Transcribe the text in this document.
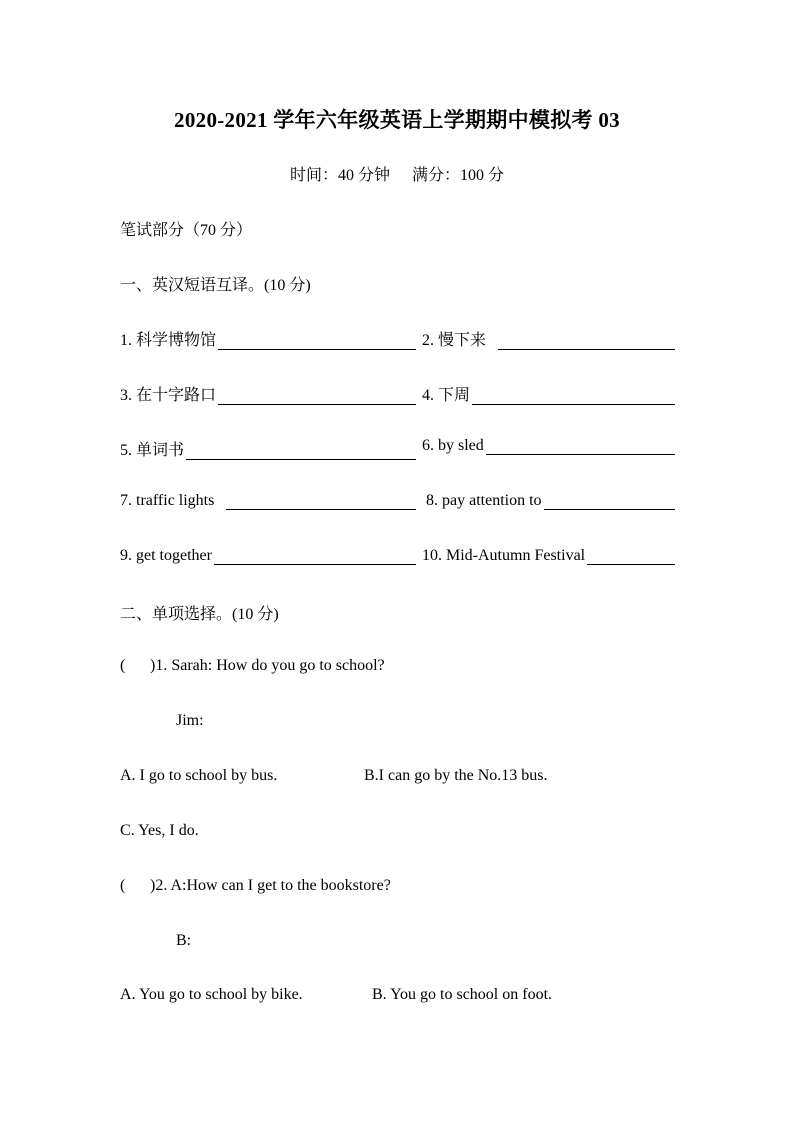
2020-2021 学年六年级英语上学期期中模拟考 03
时间：40 分钟 满分：100 分
笔试部分（70 分）
一、英汉短语互译。(10 分)
1. 科学博物馆	2. 慢下来
3. 在十字路口	4. 下周
5. 单词书	6. by sled
7. traffic lights	8. pay attention to
9. get together	10. Mid-Autumn Festival
二、单项选择。(10 分)
( )1. Sarah: How do you go to school?
Jim:
A. I go to school by bus.	B.I can go by the No.13 bus.
C. Yes, I do.
( )2. A:How can I get to the bookstore?
B:
A. You go to school by bike.	B. You go to school on foot.
